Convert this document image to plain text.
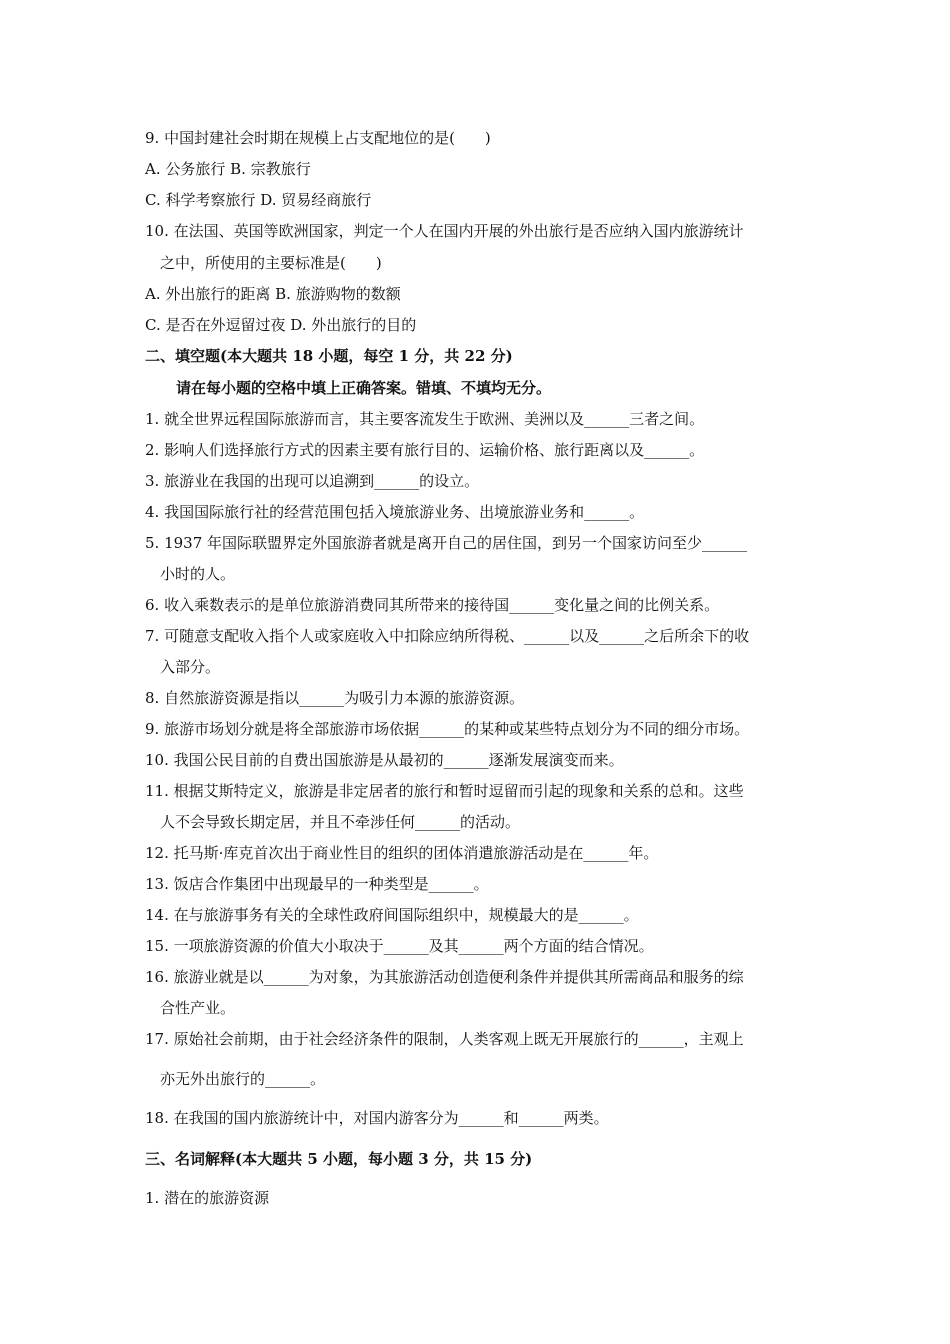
9. 中国封建社会时期在规模上占支配地位的是(　　)
A. 公务旅行 B. 宗教旅行
C. 科学考察旅行 D. 贸易经商旅行
10. 在法国、英国等欧洲国家，判定一个人在国内开展的外出旅行是否应纳入国内旅游统计
之中，所使用的主要标准是(　　)
A. 外出旅行的距离 B. 旅游购物的数额
C. 是否在外逗留过夜 D. 外出旅行的目的
二、填空题(本大题共 18 小题，每空 1 分，共 22 分)
请在每小题的空格中填上正确答案。错填、不填均无分。
1. 就全世界远程国际旅游而言，其主要客流发生于欧洲、美洲以及______三者之间。
2. 影响人们选择旅行方式的因素主要有旅行目的、运输价格、旅行距离以及______。
3. 旅游业在我国的出现可以追溯到______的设立。
4. 我国国际旅行社的经营范围包括入境旅游业务、出境旅游业务和______。
5. 1937 年国际联盟界定外国旅游者就是离开自己的居住国，到另一个国家访问至少______
小时的人。
6. 收入乘数表示的是单位旅游消费同其所带来的接待国______变化量之间的比例关系。
7. 可随意支配收入指个人或家庭收入中扣除应纳所得税、______以及______之后所余下的收
入部分。
8. 自然旅游资源是指以______为吸引力本源的旅游资源。
9. 旅游市场划分就是将全部旅游市场依据______的某种或某些特点划分为不同的细分市场。
10. 我国公民目前的自费出国旅游是从最初的______逐渐发展演变而来。
11. 根据艾斯特定义，旅游是非定居者的旅行和暂时逗留而引起的现象和关系的总和。这些
人不会导致长期定居，并且不牵涉任何______的活动。
12. 托马斯·库克首次出于商业性目的组织的团体消遣旅游活动是在______年。
13. 饭店合作集团中出现最早的一种类型是______。
14. 在与旅游事务有关的全球性政府间国际组织中，规模最大的是______。
15. 一项旅游资源的价值大小取决于______及其______两个方面的结合情况。
16. 旅游业就是以______为对象，为其旅游活动创造便利条件并提供其所需商品和服务的综
合性产业。
17. 原始社会前期，由于社会经济条件的限制，人类客观上既无开展旅行的______，主观上
亦无外出旅行的______。
18. 在我国的国内旅游统计中，对国内游客分为______和______两类。
三、名词解释(本大题共 5 小题，每小题 3 分，共 15 分)
1. 潜在的旅游资源
